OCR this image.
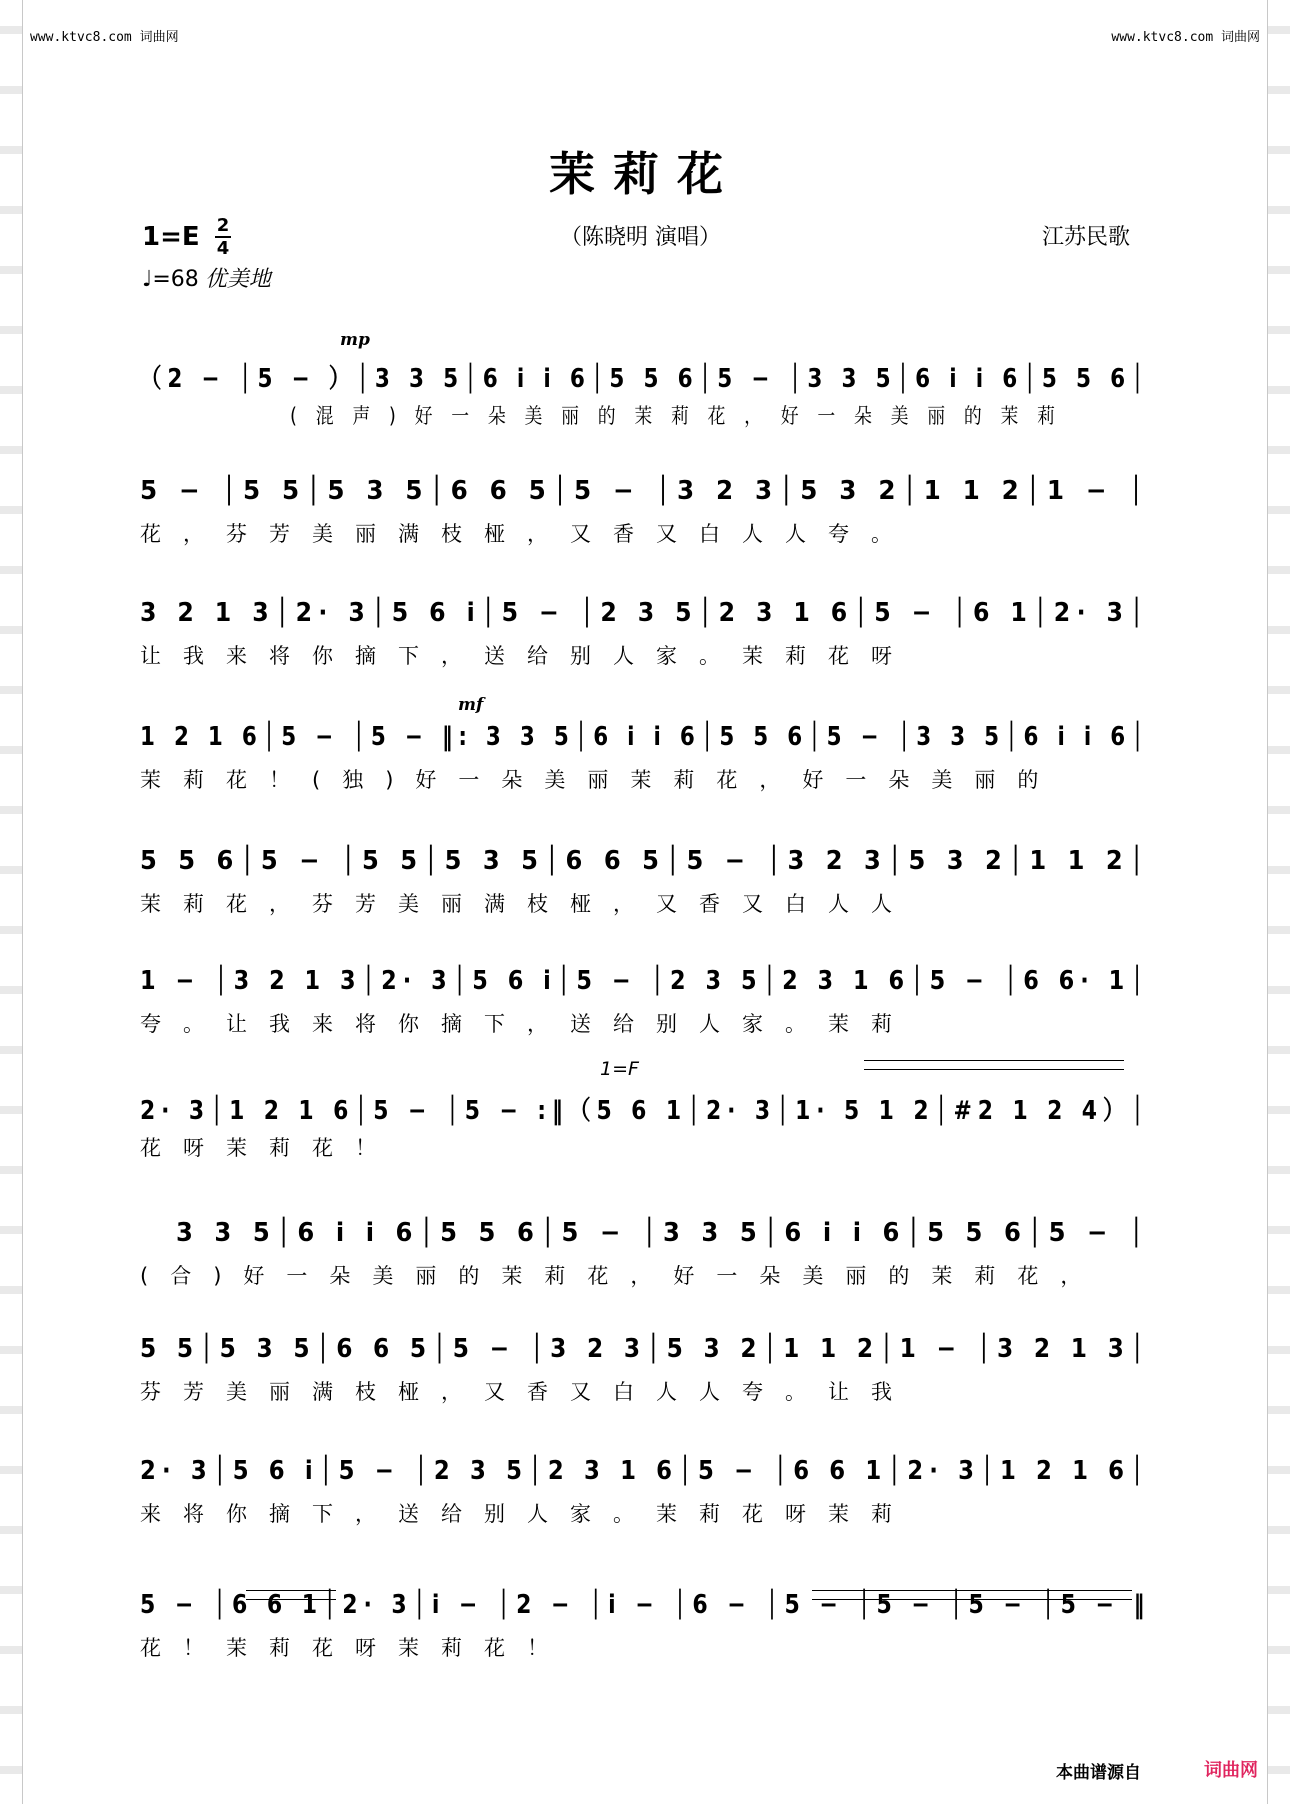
www.ktvc8.com 词曲网	www.ktvc8.com 词曲网
茉莉花
1=E 2
4
♩=68 优美地
（陈晓明 演唱）	江苏民歌
mp
mf
1=F
（2 − │5 − ）│3 3 5│6 i i 6│5 5 6│5 − │3 3 5│6 i i 6│5 5 6│
(混声)好一朵美丽的茉莉花，好一朵美丽的茉莉
5 − │5 5│5 3 5│6 6 5│5 − │3 2 3│5 3 2│1 1 2│1 − │
花，芬芳美丽满枝桠，又香又白人人夸。
3 2 1 3│2· 3│5 6 i│5 − │2 3 5│2 3 1 6│5 − │6 1│2· 3│
让我来将你摘下，送给别人家。茉莉花呀
1 2 1 6│5 − │5 − ‖: 3 3 5│6 i i 6│5 5 6│5 − │3 3 5│6 i i 6│
茉莉花！(独)好一朵美丽茉莉花，好一朵美丽的
5 5 6│5 − │5 5│5 3 5│6 6 5│5 − │3 2 3│5 3 2│1 1 2│
茉莉花，芬芳美丽满枝桠，又香又白人人
1 − │3 2 1 3│2· 3│5 6 i│5 − │2 3 5│2 3 1 6│5 − │6 6· 1│
夸。让我来将你摘下，送给别人家。茉莉
2· 3│1 2 1 6│5 − │5 − :‖（5 6 1│2· 3│1· 5 1 2│#2 1 2 4）│
花呀茉莉花！
3 3 5│6 i i 6│5 5 6│5 − │3 3 5│6 i i 6│5 5 6│5 − │
(合)好一朵美丽的茉莉花，好一朵美丽的茉莉花，
5 5│5 3 5│6 6 5│5 − │3 2 3│5 3 2│1 1 2│1 − │3 2 1 3│
芬芳美丽满枝桠，又香又白人人夸。让我
2· 3│5 6 i│5 − │2 3 5│2 3 1 6│5 − │6 6 1│2· 3│1 2 1 6│
来将你摘下，送给别人家。茉莉花呀茉莉
5 − │6 6 1│2· 3│i − │2 − │i − │6 − │5 − │5 − │5 − │5 − ‖
花！茉莉花呀茉莉花！
本曲谱源自	词曲网
